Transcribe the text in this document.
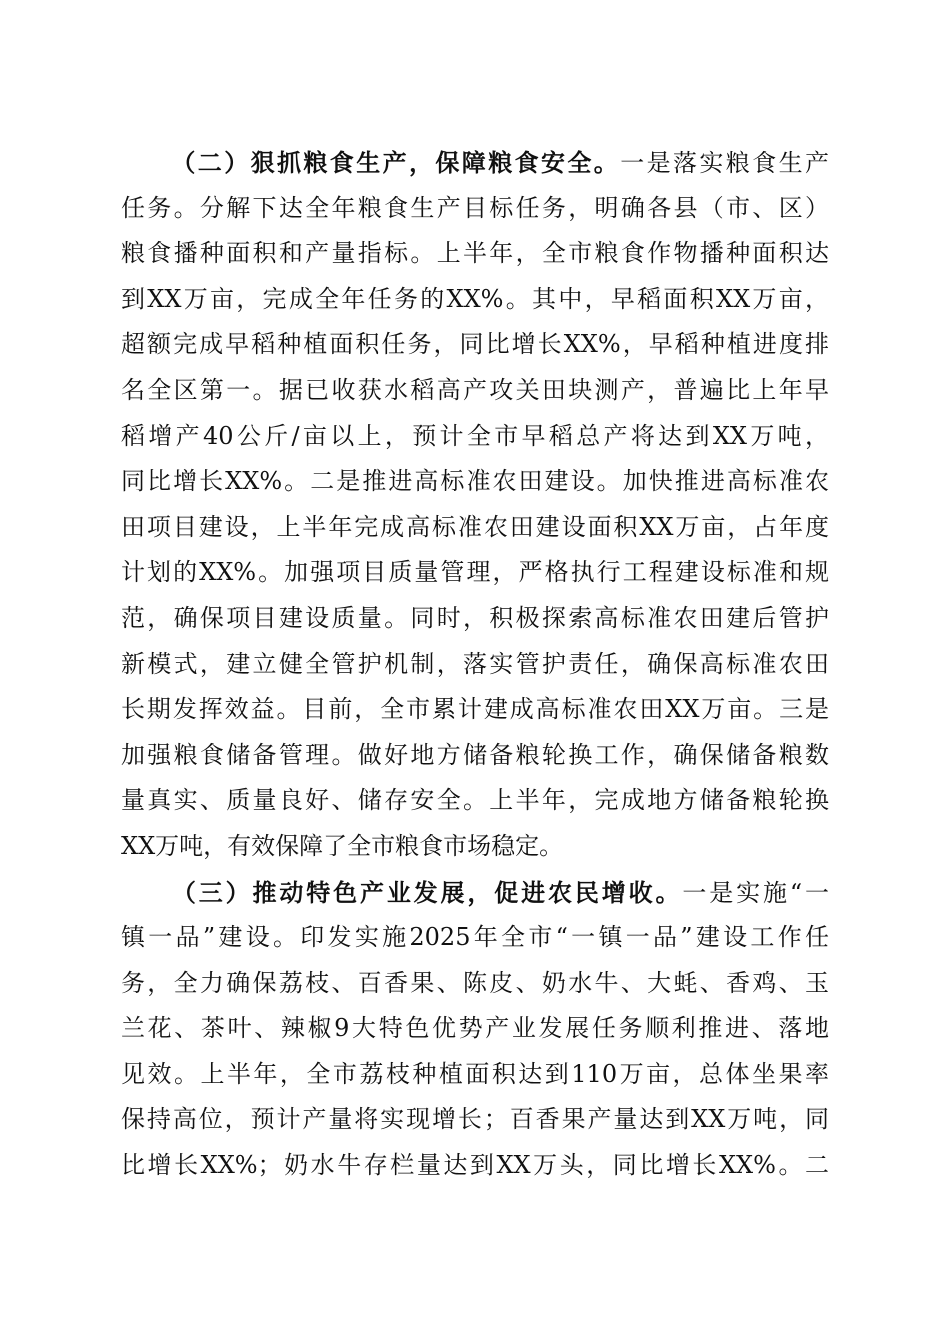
（二）狠抓粮食生产，保障粮食安全。一是落实粮食生产
任务。分解下达全年粮食生产目标任务，明确各县（市、区）
粮食播种面积和产量指标。上半年，全市粮食作物播种面积达
到XX万亩，完成全年任务的XX%。其中，早稻面积XX万亩，
超额完成早稻种植面积任务，同比增长XX%，早稻种植进度排
名全区第一。据已收获水稻高产攻关田块测产，普遍比上年早
稻增产40公斤/亩以上，预计全市早稻总产将达到XX万吨，
同比增长XX%。二是推进高标准农田建设。加快推进高标准农
田项目建设，上半年完成高标准农田建设面积XX万亩，占年度
计划的XX%。加强项目质量管理，严格执行工程建设标准和规
范，确保项目建设质量。同时，积极探索高标准农田建后管护
新模式，建立健全管护机制，落实管护责任，确保高标准农田
长期发挥效益。目前，全市累计建成高标准农田XX万亩。三是
加强粮食储备管理。做好地方储备粮轮换工作，确保储备粮数
量真实、质量良好、储存安全。上半年，完成地方储备粮轮换
XX万吨，有效保障了全市粮食市场稳定。
（三）推动特色产业发展，促进农民增收。一是实施“一
镇一品”建设。印发实施2025年全市“一镇一品”建设工作任
务，全力确保荔枝、百香果、陈皮、奶水牛、大蚝、香鸡、玉
兰花、茶叶、辣椒9大特色优势产业发展任务顺利推进、落地
见效。上半年，全市荔枝种植面积达到110万亩，总体坐果率
保持高位，预计产量将实现增长；百香果产量达到XX万吨，同
比增长XX%；奶水牛存栏量达到XX万头，同比增长XX%。二
